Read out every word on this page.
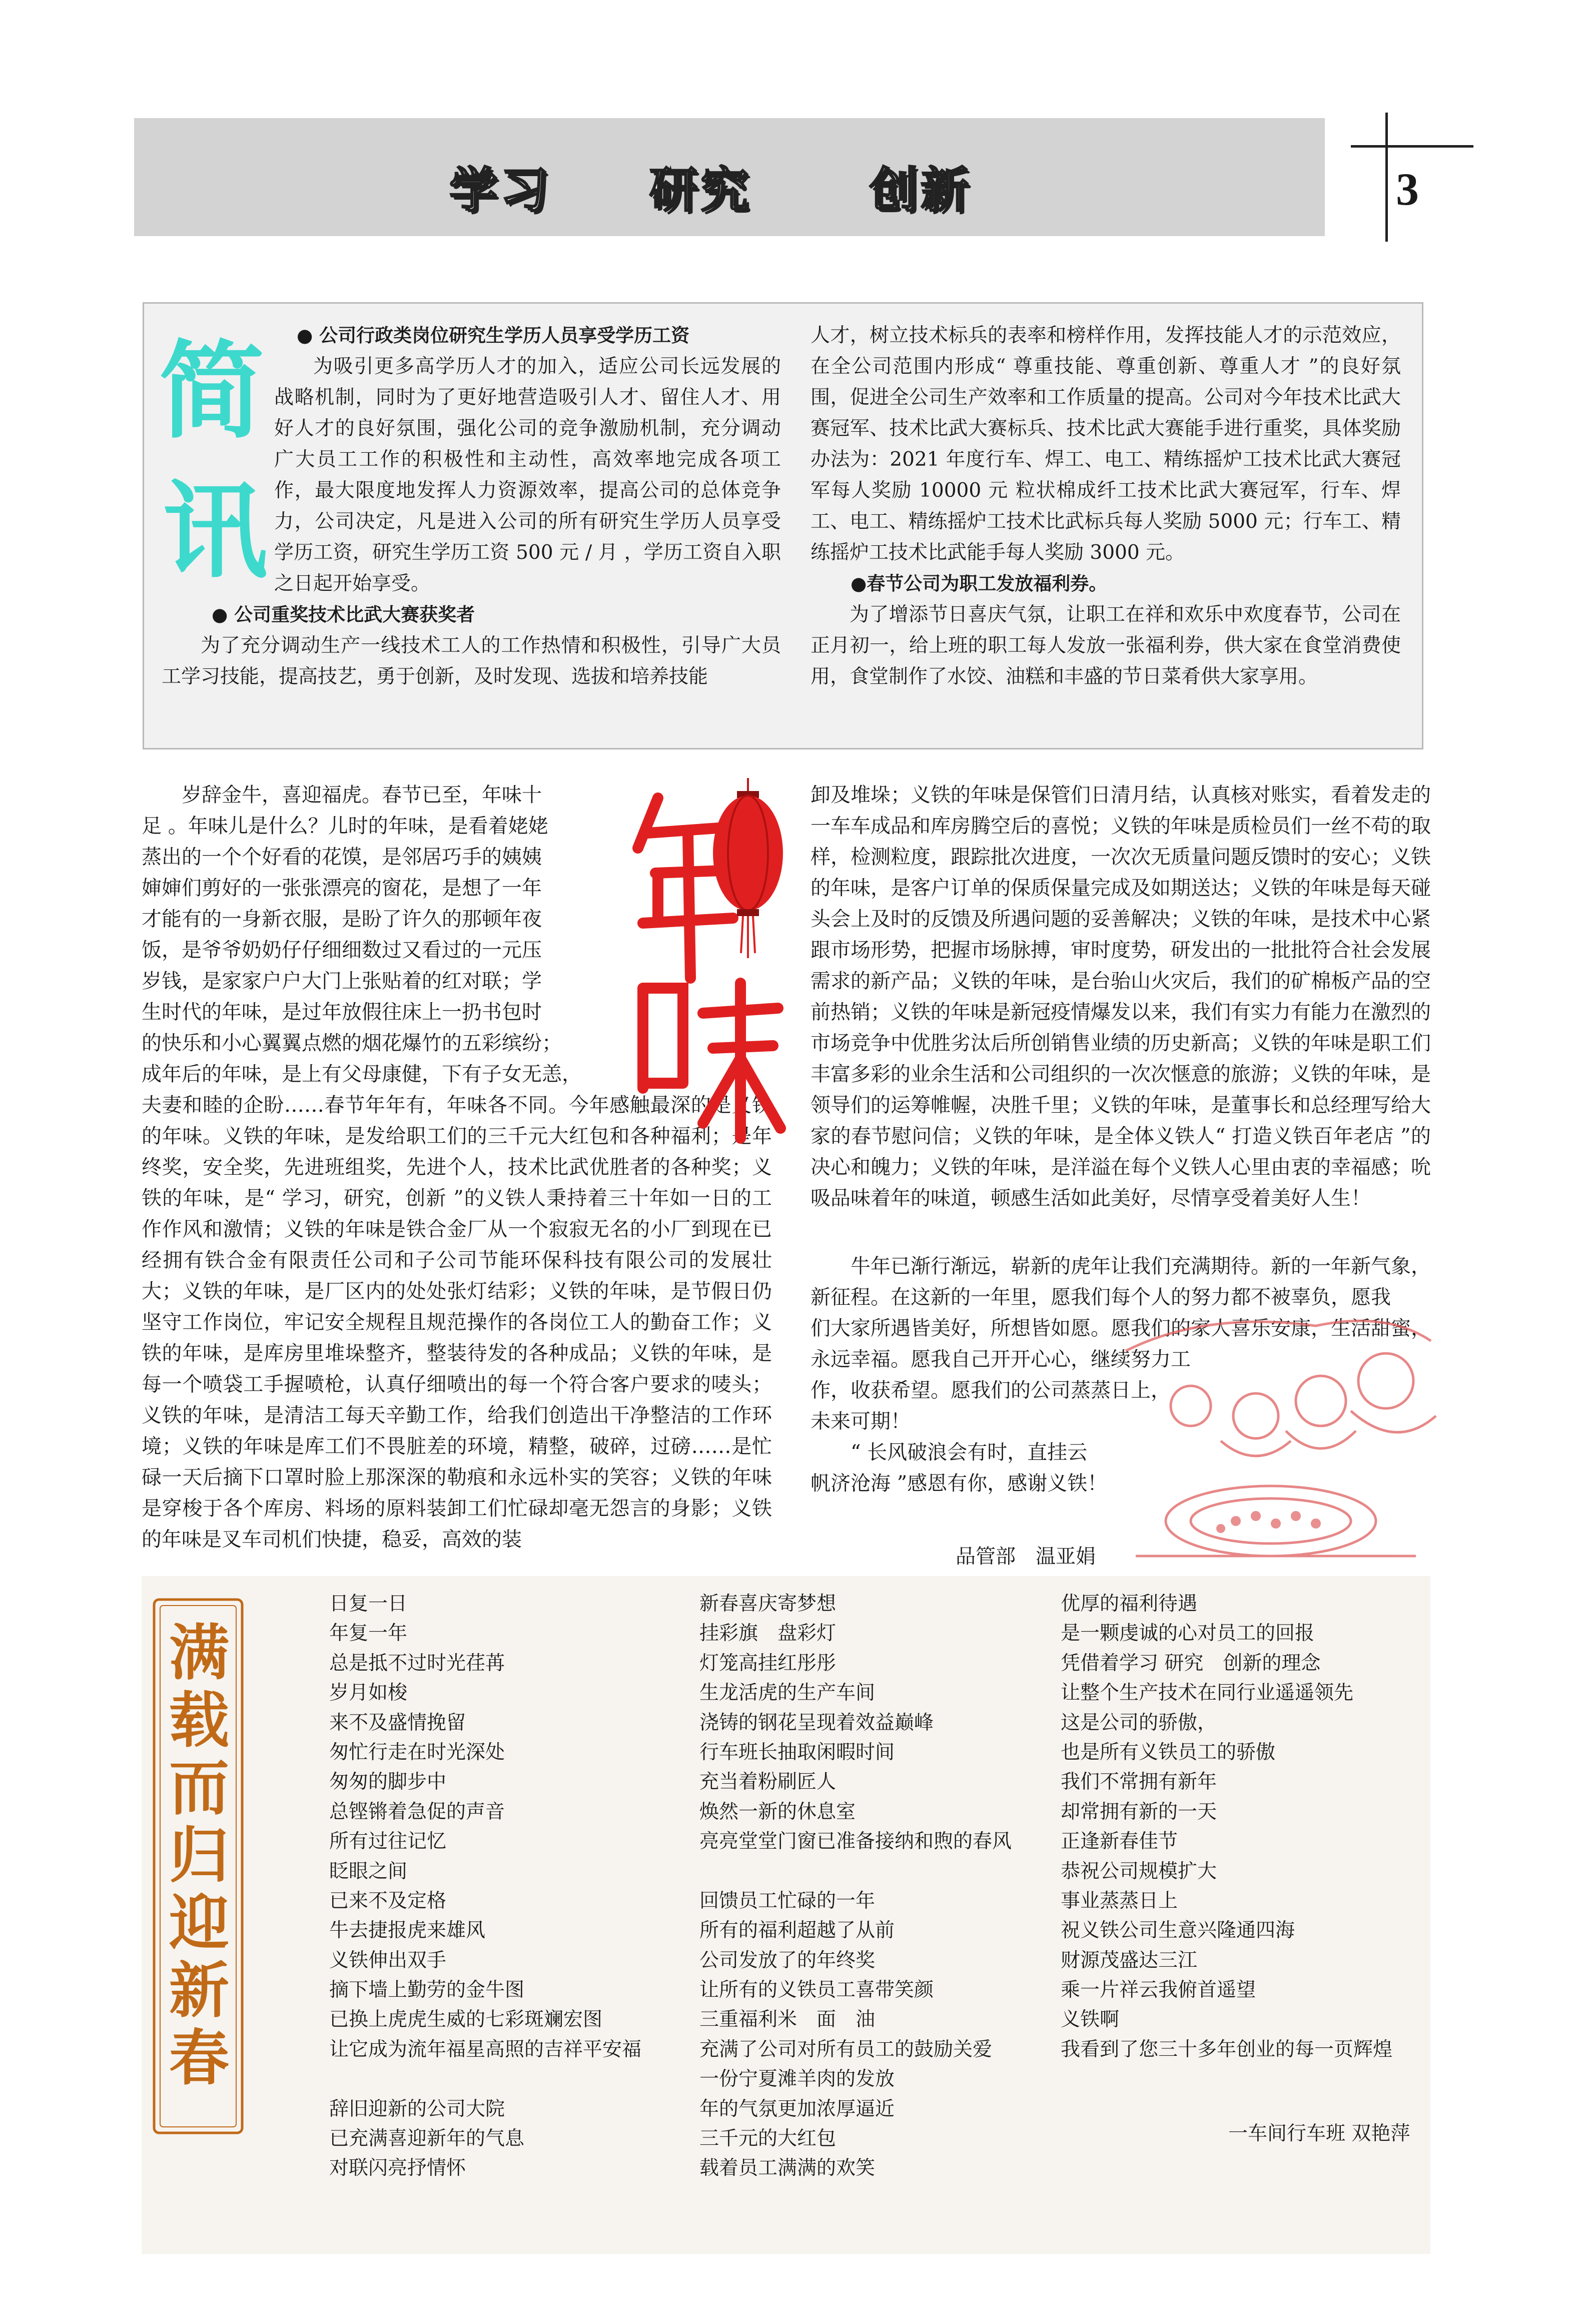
学习 研究 创新	3
简
讯

● 公司行政类岗位研究生学历人员享受学历工资

为吸引更多高学历人才的加入，适应公司长远发展的战略机制，同时为了更好地营造吸引人才、留住人才、用好人才的良好氛围，强化公司的竞争激励机制，充分调动广大员工工作的积极性和主动性，高效率地完成各项工作，最大限度地发挥人力资源效率，提高公司的总体竞争力，公司决定，凡是进入公司的所有研究生学历人员享受学历工资，研究生学历工资 500 元 / 月 ，学历工资自入职之日起开始享受。

● 公司重奖技术比武大赛获奖者

为了充分调动生产一线技术工人的工作热情和积极性，引导广大员工学习技能，提高技艺，勇于创新，及时发现、选拔和培养技能

人才，树立技术标兵的表率和榜样作用，发挥技能人才的示范效应，在全公司范围内形成“ 尊重技能、尊重创新、尊重人才 ”的良好氛围，促进全公司生产效率和工作质量的提高。公司对今年技术比武大赛冠军、技术比武大赛标兵、技术比武大赛能手进行重奖，具体奖励办法为：2021 年度行车、焊工、电工、精练摇炉工技术比武大赛冠军每人奖励 10000 元 粒状棉成纤工技术比武大赛冠军，行车、焊工、电工、精练摇炉工技术比武标兵每人奖励 5000 元；行车工、精练摇炉工技术比武能手每人奖励 3000 元。

●春节公司为职工发放福利券。

为了增添节日喜庆气氛，让职工在祥和欢乐中欢度春节，公司在正月初一，给上班的职工每人发放一张福利券，供大家在食堂消费使用，食堂制作了水饺、油糕和丰盛的节日菜肴供大家享用。

岁辞金牛，喜迎福虎。春节已至，年味十

足 。年味儿是什么？儿时的年味，是看着姥姥

蒸出的一个个好看的花馍，是邻居巧手的姨姨

婶婶们剪好的一张张漂亮的窗花，是想了一年

才能有的一身新衣服，是盼了许久的那顿年夜

饭，是爷爷奶奶仔仔细细数过又看过的一元压

岁钱，是家家户户大门上张贴着的红对联；学

生时代的年味，是过年放假往床上一扔书包时

的快乐和小心翼翼点燃的烟花爆竹的五彩缤纷；

成年后的年味，是上有父母康健，下有子女无恙，

夫妻和睦的企盼……春节年年有，年味各不同。今年感触最深的是义铁的年味。义铁的年味，是发给职工们的三千元大红包和各种福利；是年终奖，安全奖，先进班组奖，先进个人，技术比武优胜者的各种奖；义铁的年味，是“ 学习，研究，创新 ”的义铁人秉持着三十年如一日的工作作风和激情；义铁的年味是铁合金厂从一个寂寂无名的小厂到现在已经拥有铁合金有限责任公司和子公司节能环保科技有限公司的发展壮大；义铁的年味，是厂区内的处处张灯结彩；义铁的年味，是节假日仍坚守工作岗位，牢记安全规程且规范操作的各岗位工人的勤奋工作；义铁的年味，是库房里堆垛整齐，整装待发的各种成品；义铁的年味，是每一个喷袋工手握喷枪，认真仔细喷出的每一个符合客户要求的唛头；义铁的年味，是清洁工每天辛勤工作，给我们创造出干净整洁的工作环境；义铁的年味是库工们不畏脏差的环境，精整，破碎，过磅……是忙碌一天后摘下口罩时脸上那深深的勒痕和永远朴实的笑容；义铁的年味是穿梭于各个库房、料场的原料装卸工们忙碌却毫无怨言的身影；义铁的年味是叉车司机们快捷，稳妥，高效的装

卸及堆垛；义铁的年味是保管们日清月结，认真核对账实，看着发走的一车车成品和库房腾空后的喜悦；义铁的年味是质检员们一丝不苟的取样，检测粒度，跟踪批次进度，一次次无质量问题反馈时的安心；义铁的年味，是客户订单的保质保量完成及如期送达；义铁的年味是每天碰头会上及时的反馈及所遇问题的妥善解决；义铁的年味，是技术中心紧跟市场形势，把握市场脉搏，审时度势，研发出的一批批符合社会发展需求的新产品；义铁的年味，是台骀山火灾后，我们的矿棉板产品的空前热销；义铁的年味是新冠疫情爆发以来，我们有实力有能力在激烈的市场竞争中优胜劣汰后所创销售业绩的历史新高；义铁的年味是职工们丰富多彩的业余生活和公司组织的一次次惬意的旅游；义铁的年味，是领导们的运筹帷幄，决胜千里；义铁的年味，是董事长和总经理写给大家的春节慰问信；义铁的年味，是全体义铁人“ 打造义铁百年老店 ”的决心和魄力；义铁的年味，是洋溢在每个义铁人心里由衷的幸福感；吮吸品味着年的味道，顿感生活如此美好，尽情享受着美好人生！

　　牛年已渐行渐远，崭新的虎年让我们充满期待。新的一年新气象，

新征程。在这新的一年里，愿我们每个人的努力都不被辜负，愿我

们大家所遇皆美好，所想皆如愿。愿我们的家人喜乐安康，生活甜蜜，

永远幸福。愿我自己开开心心，继续努力工

作，收获希望。愿我们的公司蒸蒸日上，

未来可期！

　　“ 长风破浪会有时，直挂云

帆济沧海 ”感恩有你，感谢义铁！

品管部　温亚娟
满
载
而
归
迎
新
春
日复一日
年复一年
总是抵不过时光荏苒
岁月如梭
来不及盛情挽留
匆忙行走在时光深处
匆匆的脚步中
总铿锵着急促的声音
所有过往记忆
眨眼之间
已来不及定格
牛去捷报虎来雄风
义铁伸出双手
摘下墙上勤劳的金牛图
已换上虎虎生威的七彩斑斓宏图
让它成为流年福星高照的吉祥平安福
辞旧迎新的公司大院
已充满喜迎新年的气息
对联闪亮抒情怀
新春喜庆寄梦想
挂彩旗　盘彩灯
灯笼高挂红彤彤
生龙活虎的生产车间
浇铸的钢花呈现着效益巅峰
行车班长抽取闲暇时间
充当着粉刷匠人
焕然一新的休息室
亮亮堂堂门窗已准备接纳和煦的春风
回馈员工忙碌的一年
所有的福利超越了从前
公司发放了的年终奖
让所有的义铁员工喜带笑颜
三重福利米　面　油
充满了公司对所有员工的鼓励关爱
一份宁夏滩羊肉的发放
年的气氛更加浓厚逼近
三千元的大红包
载着员工满满的欢笑
优厚的福利待遇
是一颗虔诚的心对员工的回报
凭借着学习 研究　创新的理念
让整个生产技术在同行业遥遥领先
这是公司的骄傲，
也是所有义铁员工的骄傲
我们不常拥有新年
却常拥有新的一天
正逢新春佳节
恭祝公司规模扩大
事业蒸蒸日上
祝义铁公司生意兴隆通四海
财源茂盛达三江
乘一片祥云我俯首遥望
义铁啊
我看到了您三十多年创业的每一页辉煌
一车间行车班 双艳萍
